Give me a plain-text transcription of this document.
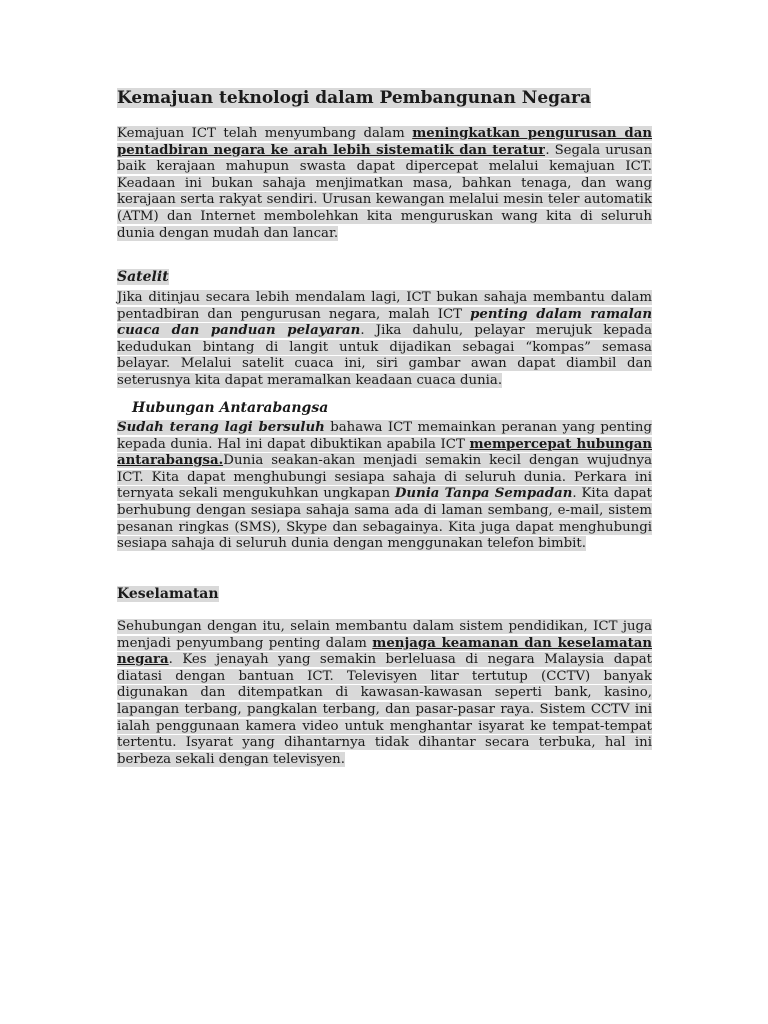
Kemajuan teknologi dalam Pembangunan Negara

Kemajuan ICT telah menyumbang dalam meningkatkan pengurusan dan pentadbiran negara ke arah lebih sistematik dan teratur. Segala urusan baik kerajaan mahupun swasta dapat dipercepat melalui kemajuan ICT. Keadaan ini bukan sahaja menjimatkan masa, bahkan tenaga, dan wang kerajaan serta rakyat sendiri. Urusan kewangan melalui mesin teler automatik (ATM) dan Internet membolehkan kita menguruskan wang kita di seluruh dunia dengan mudah dan lancar.

Satelit

Jika ditinjau secara lebih mendalam lagi, ICT bukan sahaja membantu dalam pentadbiran dan pengurusan negara, malah ICT penting dalam ramalan cuaca dan panduan pelayaran. Jika dahulu, pelayar merujuk kepada kedudukan bintang di langit untuk dijadikan sebagai “kompas” semasa belayar. Melalui satelit cuaca ini, siri gambar awan dapat diambil dan seterusnya kita dapat meramalkan keadaan cuaca dunia.

Hubungan Antarabangsa

Sudah terang lagi bersuluh bahawa ICT memainkan peranan yang penting kepada dunia. Hal ini dapat dibuktikan apabila ICT mempercepat hubungan antarabangsa.Dunia seakan-akan menjadi semakin kecil dengan wujudnya ICT. Kita dapat menghubungi sesiapa sahaja di seluruh dunia. Perkara ini ternyata sekali mengukuhkan ungkapan Dunia Tanpa Sempadan. Kita dapat berhubung dengan sesiapa sahaja sama ada di laman sembang, e-mail, sistem pesanan ringkas (SMS), Skype dan sebagainya. Kita juga dapat menghubungi sesiapa sahaja di seluruh dunia dengan menggunakan telefon bimbit.

Keselamatan

Sehubungan dengan itu, selain membantu dalam sistem pendidikan, ICT juga menjadi penyumbang penting dalam menjaga keamanan dan keselamatan negara. Kes jenayah yang semakin berleluasa di negara Malaysia dapat diatasi dengan bantuan ICT. Televisyen litar tertutup (CCTV) banyak digunakan dan ditempatkan di kawasan-kawasan seperti bank, kasino, lapangan terbang, pangkalan terbang, dan pasar-pasar raya. Sistem CCTV ini ialah penggunaan kamera video untuk menghantar isyarat ke tempat-tempat tertentu. Isyarat yang dihantarnya tidak dihantar secara terbuka, hal ini berbeza sekali dengan televisyen.
